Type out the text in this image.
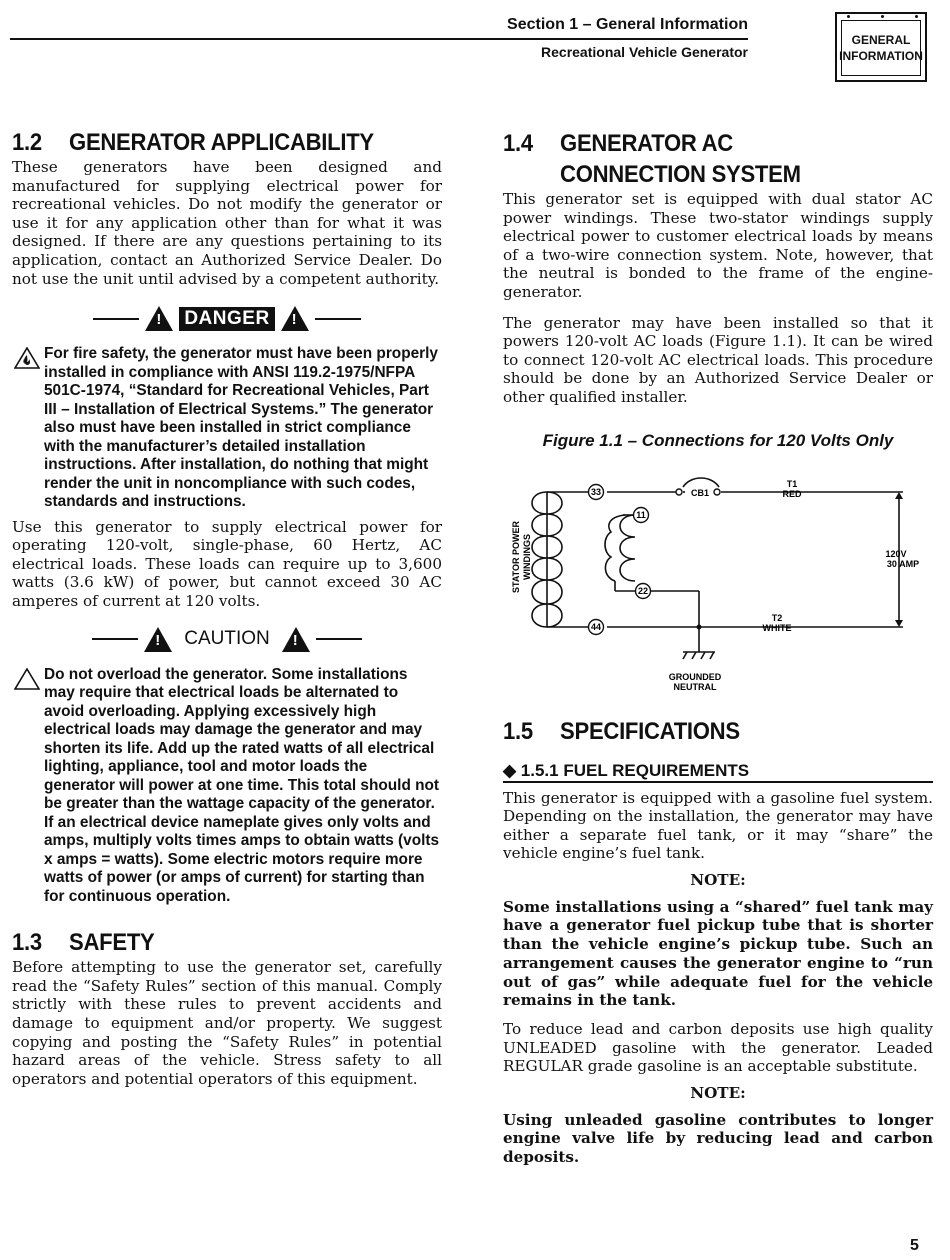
Section 1 – General Information
Recreational Vehicle Generator
GENERAL
INFORMATION
1.2 GENERATOR APPLICABILITY

These generators have been designed and manufactured for supplying electrical power for recreational vehicles. Do not modify the generator or use it for any application other than for what it was designed. If there are any questions pertaining to its application, contact an Authorized Service Dealer. Do not use the unit until advised by a competent authority.

!
DANGER
!
For fire safety, the generator must have been properly installed in compliance with ANSI 119.2-1975/NFPA 501C-1974, “Standard for Recreational Vehicles, Part III – Installation of Electrical Systems.” The generator also must have been installed in strict compliance with the manufacturer’s detailed installation instructions. After installation, do nothing that might render the unit in noncompliance with such codes, standards and instructions.

Use this generator to supply electrical power for operating 120-volt, single-phase, 60 Hertz, AC electrical loads. These loads can require up to 3,600 watts (3.6 kW) of power, but cannot exceed 30 AC amperes of current at 120 volts.

!
CAUTION
!
Do not overload the generator. Some installations may require that electrical loads be alternated to avoid overloading. Applying excessively high electrical loads may damage the generator and may shorten its life. Add up the rated watts of all electrical lighting, appliance, tool and motor loads the generator will power at one time. This total should not be greater than the wattage capacity of the generator. If an electrical device nameplate gives only volts and amps, multiply volts times amps to obtain watts (volts x amps = watts). Some electric motors require more watts of power (or amps of current) for starting than for continuous operation.
1.3 SAFETY

Before attempting to use the generator set, carefully read the “Safety Rules” section of this manual. Comply strictly with these rules to prevent accidents and damage to equipment and/or property. We suggest copying and posting the “Safety Rules” in potential hazard areas of the vehicle. Stress safety to all operators and potential operators of this equipment.

1.4 GENERATOR AC
CONNECTION SYSTEM

This generator set is equipped with dual stator AC power windings. These two-stator windings supply electrical power to customer electrical loads by means of a two-wire connection system. Note, however, that the neutral is bonded to the frame of the engine-generator.

The generator may have been installed so that it powers 120-volt AC loads (Figure 1.1). It can be wired to connect 120-volt AC electrical loads. This procedure should be done by an Authorized Service Dealer or other qualified installer.

Figure 1.1 – Connections for 120 Volts Only
33
11
22
44
CB1
T1
RED
T2
WHITE
120V
30 AMP
GROUNDED
NEUTRAL
STATOR POWER WINDINGS
1.5 SPECIFICATIONS
◆ 1.5.1 FUEL REQUIREMENTS

This generator is equipped with a gasoline fuel system. Depending on the installation, the generator may have either a separate fuel tank, or it may “share” the vehicle engine’s fuel tank.

NOTE:

Some installations using a “shared” fuel tank may have a generator fuel pickup tube that is shorter than the vehicle engine’s pickup tube. Such an arrangement causes the generator engine to “run out of gas” while adequate fuel for the vehicle remains in the tank.

To reduce lead and carbon deposits use high quality UNLEADED gasoline with the generator. Leaded REGULAR grade gasoline is an acceptable substitute.

NOTE:

Using unleaded gasoline contributes to longer engine valve life by reducing lead and carbon deposits.

5
